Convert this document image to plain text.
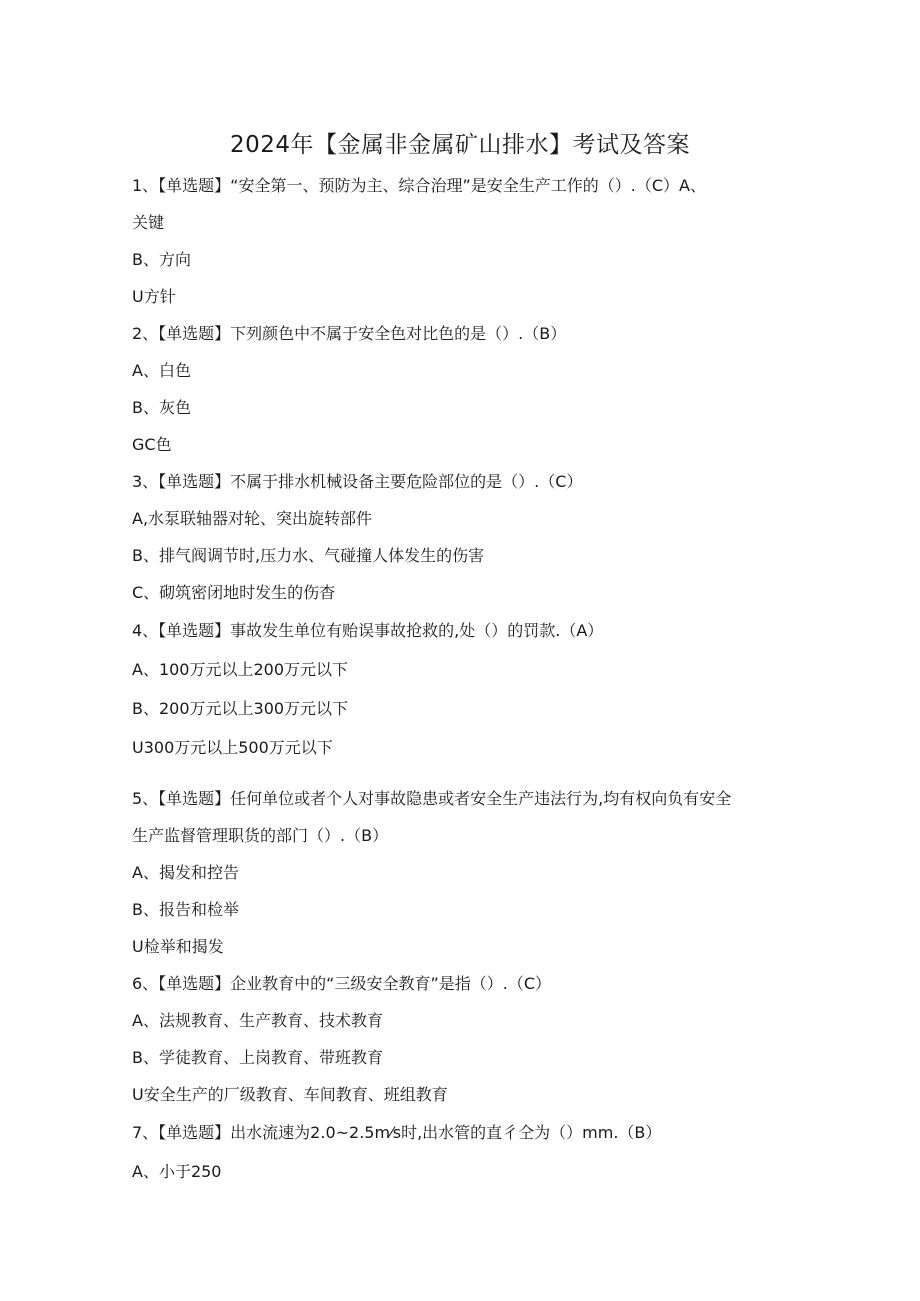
2024年【金属非金属矿山排水】考试及答案
1、【单选题】“安全第一、预防为主、综合治理”是安全生产工作的（）.（C）A、
关键
B、方向
U方针
2、【单选题】下列颜色中不属于安全色对比色的是（）.（B）
A、白色
B、灰色
GC色
3、【单选题】不属于排水机械设备主要危险部位的是（）.（C）
A,水泵联轴器对轮、突出旋转部件
B、排气阀调节时,压力水、气碰撞人体发生的伤害
C、砌筑密闭地时发生的伤杳
4、【单选题】事故发生单位有贻误事故抢救的,处（）的罚款.（A）
A、100万元以上200万元以下
B、200万元以上300万元以下
U300万元以上500万元以下
5、【单选题】任何单位或者个人对事故隐患或者安全生产违法行为,均有权向负有安全
生产监督管理职货的部门（）.（B）
A、揭发和控告
B、报告和检举
U检举和揭发
6、【单选题】企业教育中的“三级安全教育”是指（）.（C）
A、法规教育、生产教育、技术教育
B、学徒教育、上岗教育、带班教育
U安全生产的厂级教育、车间教育、班组教育
7、【单选题】出水流速为2.0~2.5m⁄s时,出水管的直彳仝为（）mm.（B）
A、小于250
